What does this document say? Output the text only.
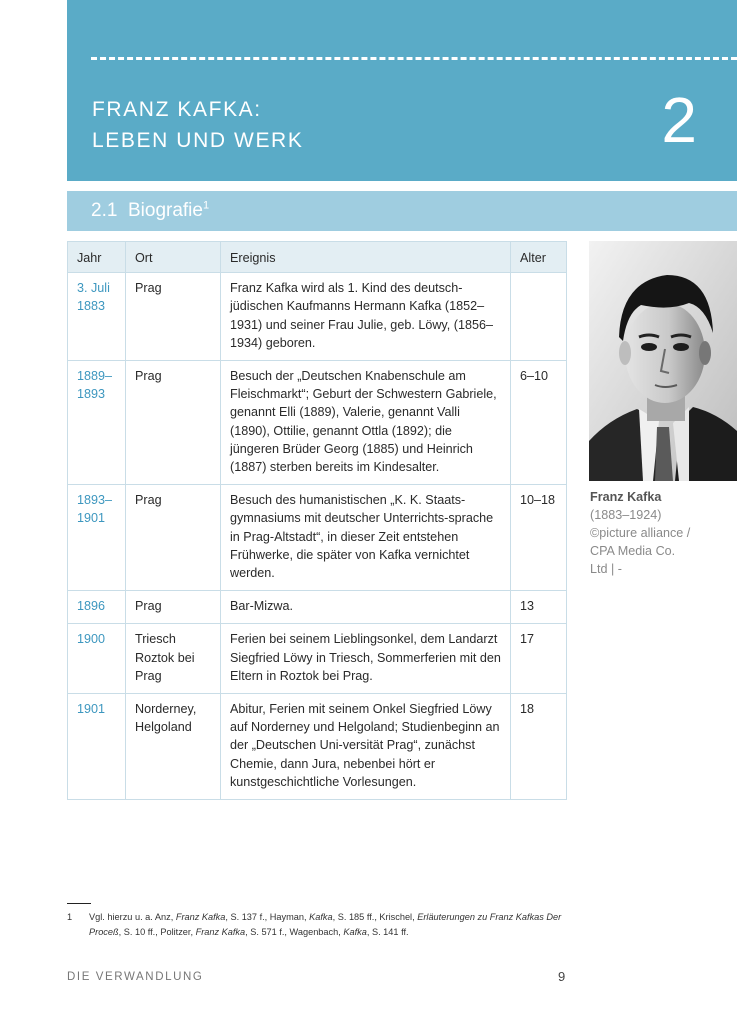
FRANZ KAFKA:
LEBEN UND WERK	2
2.1 Biografie$^1$
Jahr	Ort	Ereignis	Alter

3. Juli
1883	Prag	Franz Kafka wird als 1. Kind des deutsch-jüdischen Kaufmanns Hermann Kafka (1852–1931) und seiner Frau Julie, geb. Löwy, (1856–1934) geboren.	

1889–
1893	Prag	Besuch der „Deutschen Knabenschule am Fleischmarkt“; Geburt der Schwestern Gabriele, genannt Elli (1889), Valerie, genannt Valli (1890), Ottilie, genannt Ottla (1892); die jüngeren Brüder Georg (1885) und Heinrich (1887) sterben bereits im Kindesalter.	6–10

1893–
1901	Prag	Besuch des humanistischen „K. K. Staats-gymnasiums mit deutscher Unterrichts-sprache in Prag-Altstadt“, in dieser Zeit entstehen Frühwerke, die später von Kafka vernichtet werden.	10–18

1896	Prag	Bar-Mizwa.	13

1900	Triesch
Roztok bei
Prag	Ferien bei seinem Lieblingsonkel, dem Landarzt Siegfried Löwy in Triesch, Sommerferien mit den Eltern in Roztok bei Prag.	17

1901	Norderney,
Helgoland	Abitur, Ferien mit seinem Onkel Siegfried Löwy auf Norderney und Helgoland; Studienbeginn an der „Deutschen Uni-versität Prag“, zunächst Chemie, dann Jura, nebenbei hört er kunstgeschichtliche Vorlesungen.	18
Franz Kafka
(1883–1924)
©picture alliance /
CPA Media Co.
Ltd | -
1 Vgl. hierzu u. a. Anz, Franz Kafka, S. 137 f., Hayman, Kafka, S. 185 ff., Krischel, Erläuterungen zu Franz Kafkas Der Proceß, S. 10 ff., Politzer, Franz Kafka, S. 571 f., Wagenbach, Kafka, S. 141 ff.
DIE VERWANDLUNG	9
